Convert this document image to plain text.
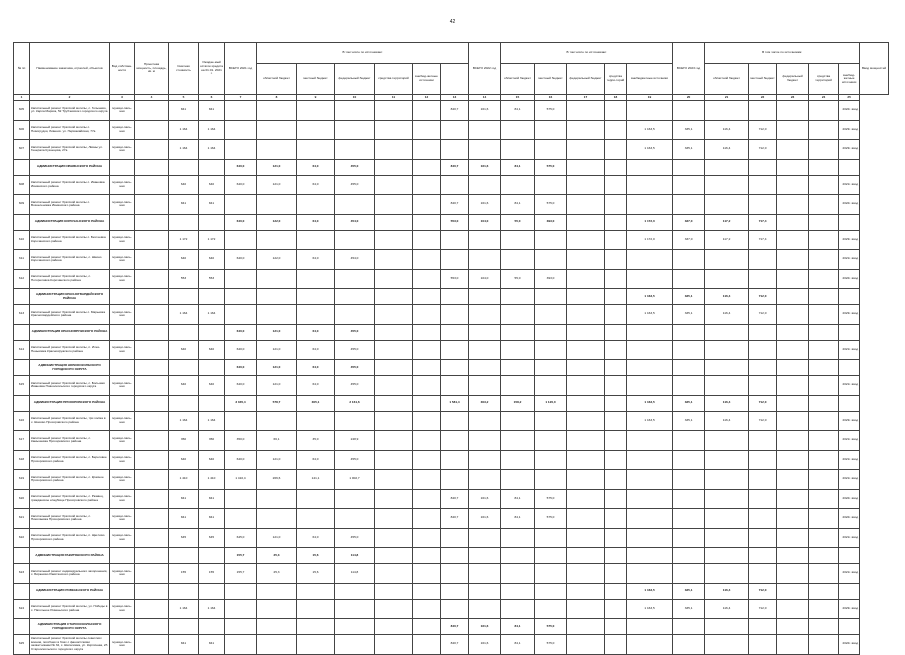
42
№ пп	Наименование заказчика, отраслей, объектов	Вид собствен-ности	Проектная мощность, площадь, кв. м	Сметная стоимость	Ожидае-мый остаток кредита на 01.01. 2021 г.	ВСЕГО 2021 год	В том числе по источникам:						ВСЕГО 2022 год	В том числе по источникам:					ВСЕГО 2023 год	В том числе по источникам:					Ввод мощностей
							областной бюджет	местный бюджет	федеральный бюджет	средства территорий	внебюд-жетные источники			областной бюджет	местный бюджет	федеральный бюджет	средства терри-торий	внебюджетные источники		областной бюджет	местный бюджет	федеральный бюджет	средства территорий	внебюд-жетные источники	
1	2	3	4	5	6	7	8	9	10	11	12	13	14	15	16	17	18	19	20	21	22	23	24	25	
605	Капитальный ремонт братской могилы, с. Голынево, ул. Карла Маркса, 52 Трубчевского городского округа	муници-паль-ная		841	841							840,7	161,6	84,1	575,0									2022г. ввод	
606	Капитальный ремонт братской могилы с. Новогрудки, Ливенск. ул. Первомайская, 77а	муници-паль-ная		1 164	1 164													1 163,5	335,1	116,4	712,0			2023г. ввод	
607	Капитальный ремонт братской могилы, Ливны ул. Генерала Кузнецова, 27а	муници-паль-ная		1 164	1 164													1 163,5	335,1	116,4	712,0			2023г. ввод	
	АДМИНИСТРАЦИЯ ИВНЯНСКОГО РАЙОНА					640,0	121,0	64,0	455,0			840,7	161,6	84,1	575,0										
608	Капитальный ремонт братской могилы с. Ивановка Ивнянского района	муници-паль-ная		640	640	640,0	121,0	64,0	455,0															2021г. ввод	
609	Капитальный ремонт братской могилы с. Вознесеновка Ивнянского района	муници-паль-ная		841	841							840,7	161,6	84,1	575,0									2022г. ввод	
	АДМИНИСТРАЦИЯ КОРОЧАНСКОГО РАЙОНА					640,0	122,0	64,0	454,0			553,0	104,0	55,0	393,0			1 172,0	337,0	117,2	717,4				
610	Капитальный ремонт братской могилы с. Бехтеевка Корочанского района	муници-паль-ная		1 172	1 172													1 172,0	337,0	117,2	717,4			2023г. ввод	
611	Капитальный ремонт братской могилы, с. Шеино Корочанского района	муници-паль-ная		640	640	640,0	122,0	64,0	454,0															2021г. ввод	
612	Капитальный ремонт братской могилы, с. Погореловка Корочанского района	муници-паль-ная		553	553							553,0	104,0	55,0	393,0									2022г. ввод	
	АДМИНИСТРАЦИЯ КРАСНОГВАРДЕЙСКОГО РАЙОНА																	1 163,5	335,1	116,4	712,0				
613	Капитальный ремонт братской могилы с. Марьевка Красногвардейского района	муници-паль-ная		1 164	1 164													1 163,5	335,1	116,4	712,0			2023г. ввод	
	АДМИНИСТРАЦИЯ КРАСНОЯРУЖСКОГО РАЙОНА					640,0	121,0	64,0	455,0																
614	Капитальный ремонт братской могилы, п. Илек-Пеньковка Краснояружского района	муници-паль-ная		640	640	640,0	121,0	64,0	455,0															2021г. ввод	
	АДМИНИСТРАЦИЯ НОВООСКОЛЬСКОГО ГОРОДСКОГО ОКРУГА					640,0	121,0	64,0	455,0																
615	Капитальный ремонт братской могилы, с. Большая Ивановка Новооскольского городского округа	муници-паль-ная		640	640	640,0	121,0	64,0	455,0															2021г. ввод	
	АДМИНИСТРАЦИЯ ПРОХОРОВСКОГО РАЙОНА					3 045,4	578,7	305,1	2 161,6			1 581,4	303,2	158,2	1 120,0			1 163,5	335,1	116,4	712,0				
616	Капитальный ремонт братской могилы, три холма в х. Шахово Прохоровского района	муници-паль-ная		1 164	1 164													1 163,5	335,1	116,4	712,0			2023г. ввод	
617	Капитальный ремонт братской могилы, с. Камышевка Прохоровского района	муници-паль-ная		350	350	350,0	66,1	35,0	248,9															2021г. ввод	
618	Капитальный ремонт братской могилы, с. Береговое Прохоровского района	муници-паль-ная		640	640	640,0	121,0	64,0	455,0															2021г. ввод	
619	Капитальный ремонт братской могилы, с. Красное Прохоровского района	муници-паль-ная		1 410	1 410	1 410,4	266,6	141,1	1 002,7															2021г. ввод	
620	Капитальный ремонт братской могилы, с. Ржавец, гражданское кладбище Прохоровского района	муници-паль-ная		841	841							840,7	161,6	84,1	575,0									2022г. ввод	
621	Капитальный ремонт братской могилы, с. Николаевка Прохоровского района	муници-паль-ная		841	841							840,7	161,6	84,1	575,0									2022г. ввод	
622	Капитальный ремонт братской могилы, п. Щеглово Прохоровского района	муници-паль-ная		645	645	645,0	121,0	64,0	455,0															2021г. ввод	
	АДМИНИСТРАЦИЯ РАКИТЯНСКОГО РАЙОНА					155,7	25,3	15,6	114,8																
623	Капитальный ремонт индивидуального захоронения, с. Бирюково Ракитянского района	муници-паль-ная		155	155	155,7	25,3	15,6	114,8															2021г. ввод	
	АДМИНИСТРАЦИЯ РОВЕНЬСКОГО РАЙОНА																	1 163,5	335,1	116,4	712,0				
624	Капитальный ремонт братской могилы, ул. Победы в с. Нагольное Ровеньского района	муници-паль-ная		1 164	1 164													1 163,5	335,1	116,4	712,0			2023г. ввод	
	АДМИНИСТРАЦИЯ СТАРООСКОЛЬСКОГО ГОРОДСКОГО ОКРУГА											840,7	161,6	84,1	575,0										
625	Капитальный ремонт братской могилы советских воинов, погибших в боях с фашистскими захватчиками № 32, с. Шаталовка, ул. Кирпичная, 2б Старооскольского городского округа	муници-паль-ная		841	841							840,7	161,6	84,1	575,0									2022г. ввод	
